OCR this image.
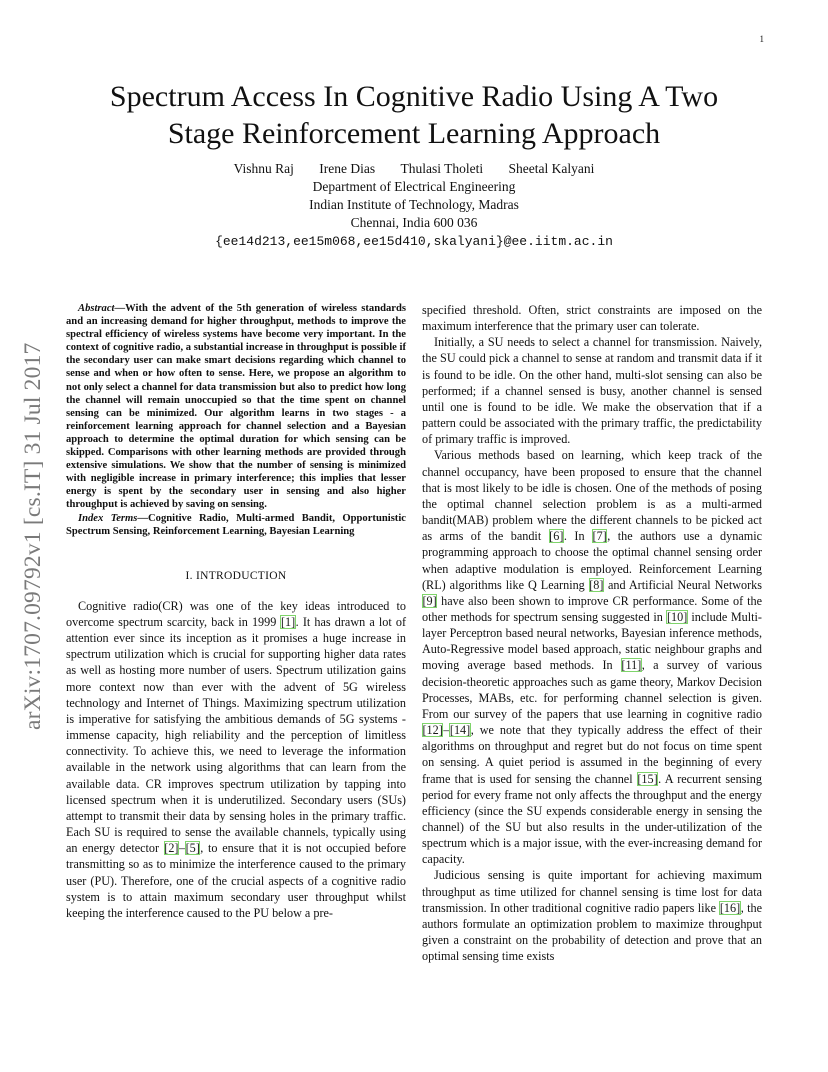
1
arXiv:1707.09792v1 [cs.IT] 31 Jul 2017
Spectrum Access In Cognitive Radio Using A Two
Stage Reinforcement Learning Approach
Vishnu Raj Irene Dias Thulasi Tholeti Sheetal Kalyani
Department of Electrical Engineering
Indian Institute of Technology, Madras
Chennai, India 600 036
{ee14d213,ee15m068,ee15d410,skalyani}@ee.iitm.ac.in

Abstract—With the advent of the 5th generation of wireless standards and an increasing demand for higher throughput, methods to improve the spectral efficiency of wireless systems have become very important. In the context of cognitive radio, a substantial increase in throughput is possible if the secondary user can make smart decisions regarding which channel to sense and when or how often to sense. Here, we propose an algorithm to not only select a channel for data transmission but also to predict how long the channel will remain unoccupied so that the time spent on channel sensing can be minimized. Our algorithm learns in two stages - a reinforcement learning approach for channel selection and a Bayesian approach to determine the optimal duration for which sensing can be skipped. Comparisons with other learning methods are provided through extensive simulations. We show that the number of sensing is minimized with negligible increase in primary interference; this implies that lesser energy is spent by the secondary user in sensing and also higher throughput is achieved by saving on sensing.

Index Terms—Cognitive Radio, Multi-armed Bandit, Opportunistic Spectrum Sensing, Reinforcement Learning, Bayesian Learning

I. INTRODUCTION

Cognitive radio(CR) was one of the key ideas introduced to overcome spectrum scarcity, back in 1999 [1]. It has drawn a lot of attention ever since its inception as it promises a huge increase in spectrum utilization which is crucial for supporting higher data rates as well as hosting more number of users. Spectrum utilization gains more context now than ever with the advent of 5G wireless technology and Internet of Things. Maximizing spectrum utilization is imperative for satisfying the ambitious demands of 5G systems - immense capacity, high reliability and the perception of limitless connectivity. To achieve this, we need to leverage the information available in the network using algorithms that can learn from the available data. CR improves spectrum utilization by tapping into licensed spectrum when it is underutilized. Secondary users (SUs) attempt to transmit their data by sensing holes in the primary traffic. Each SU is required to sense the available channels, typically using an energy detector [2]–[5], to ensure that it is not occupied before transmitting so as to minimize the interference caused to the primary user (PU). Therefore, one of the crucial aspects of a cognitive radio system is to attain maximum secondary user throughput whilst keeping the interference caused to the PU below a pre-

specified threshold. Often, strict constraints are imposed on the maximum interference that the primary user can tolerate.

Initially, a SU needs to select a channel for transmission. Naively, the SU could pick a channel to sense at random and transmit data if it is found to be idle. On the other hand, multi-slot sensing can also be performed; if a channel sensed is busy, another channel is sensed until one is found to be idle. We make the observation that if a pattern could be associated with the primary traffic, the predictability of primary traffic is improved.

Various methods based on learning, which keep track of the channel occupancy, have been proposed to ensure that the channel that is most likely to be idle is chosen. One of the methods of posing the optimal channel selection problem is as a multi-armed bandit(MAB) problem where the different channels to be picked act as arms of the bandit [6]. In [7], the authors use a dynamic programming approach to choose the optimal channel sensing order when adaptive modulation is employed. Reinforcement Learning (RL) algorithms like Q Learning [8] and Artificial Neural Networks [9] have also been shown to improve CR performance. Some of the other methods for spectrum sensing suggested in [10] include Multi-layer Perceptron based neural networks, Bayesian inference methods, Auto-Regressive model based approach, static neighbour graphs and moving average based methods. In [11], a survey of various decision-theoretic approaches such as game theory, Markov Decision Processes, MABs, etc. for performing channel selection is given. From our survey of the papers that use learning in cognitive radio [12]–[14], we note that they typically address the effect of their algorithms on throughput and regret but do not focus on time spent on sensing. A quiet period is assumed in the beginning of every frame that is used for sensing the channel [15]. A recurrent sensing period for every frame not only affects the throughput and the energy efficiency (since the SU expends considerable energy in sensing the channel) of the SU but also results in the under-utilization of the spectrum which is a major issue, with the ever-increasing demand for capacity.

Judicious sensing is quite important for achieving maximum throughput as time utilized for channel sensing is time lost for data transmission. In other traditional cognitive radio papers like [16], the authors formulate an optimization problem to maximize throughput given a constraint on the probability of detection and prove that an optimal sensing time exists
